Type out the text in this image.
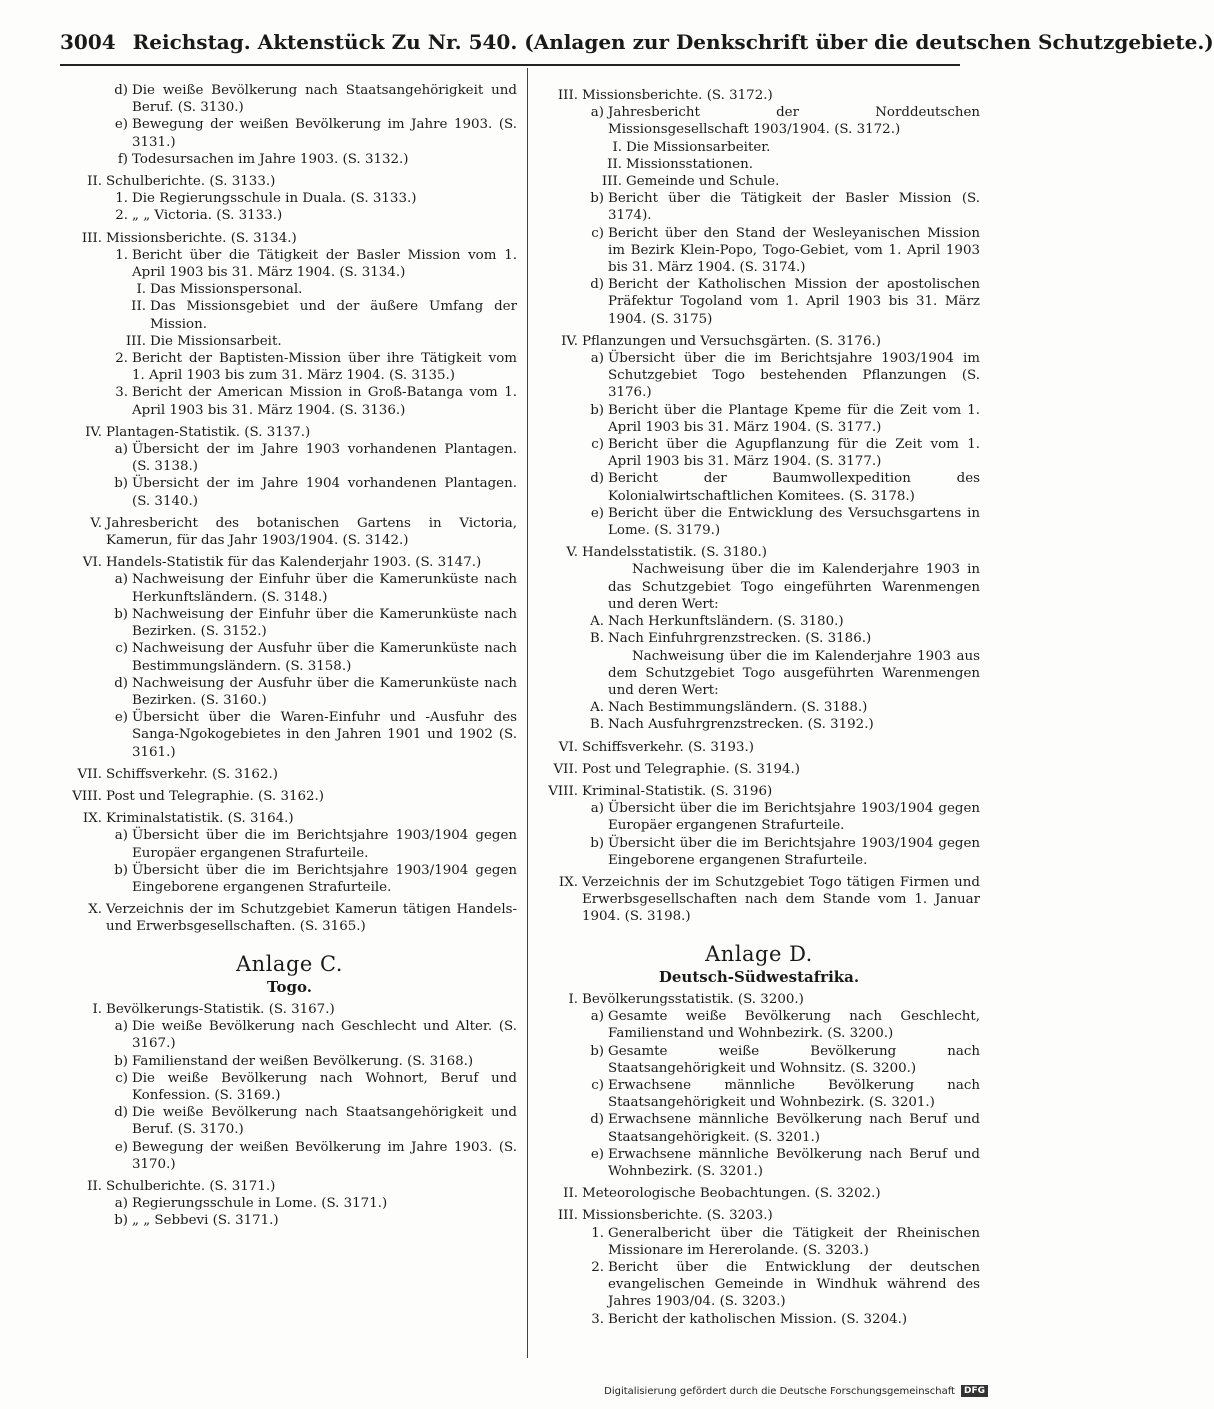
3004 Reichstag. Aktenstück Zu Nr. 540. (Anlagen zur Denkschrift über die deutschen Schutzgebiete.)
d) Die weiße Bevölkerung nach Staatsangehörigkeit und Beruf. (S. 3130.)
e) Bewegung der weißen Bevölkerung im Jahre 1903. (S. 3131.)
f) Todesursachen im Jahre 1903. (S. 3132.)
II. Schulberichte. (S. 3133.)
1. Die Regierungsschule in Duala. (S. 3133.)
2. „ „ Victoria. (S. 3133.)
III. Missionsberichte. (S. 3134.)
1. Bericht über die Tätigkeit der Basler Mission vom 1. April 1903 bis 31. März 1904. (S. 3134.)
I. Das Missionspersonal.
II. Das Missionsgebiet und der äußere Umfang der Mission.
III. Die Missionsarbeit.
2. Bericht der Baptisten-Mission über ihre Tätigkeit vom 1. April 1903 bis zum 31. März 1904. (S. 3135.)
3. Bericht der American Mission in Groß-Batanga vom 1. April 1903 bis 31. März 1904. (S. 3136.)
IV. Plantagen-Statistik. (S. 3137.)
a) Übersicht der im Jahre 1903 vorhandenen Plantagen. (S. 3138.)
b) Übersicht der im Jahre 1904 vorhandenen Plantagen. (S. 3140.)
V. Jahresbericht des botanischen Gartens in Victoria, Kamerun, für das Jahr 1903/1904. (S. 3142.)
VI. Handels-Statistik für das Kalenderjahr 1903. (S. 3147.)
a) Nachweisung der Einfuhr über die Kamerunküste nach Herkunftsländern. (S. 3148.)
b) Nachweisung der Einfuhr über die Kamerunküste nach Bezirken. (S. 3152.)
c) Nachweisung der Ausfuhr über die Kamerunküste nach Bestimmungsländern. (S. 3158.)
d) Nachweisung der Ausfuhr über die Kamerunküste nach Bezirken. (S. 3160.)
e) Übersicht über die Waren-Einfuhr und -Ausfuhr des Sanga-Ngokogebietes in den Jahren 1901 und 1902 (S. 3161.)
VII. Schiffsverkehr. (S. 3162.)
VIII. Post und Telegraphie. (S. 3162.)
IX. Kriminalstatistik. (S. 3164.)
a) Übersicht über die im Berichtsjahre 1903/1904 gegen Europäer ergangenen Strafurteile.
b) Übersicht über die im Berichtsjahre 1903/1904 gegen Eingeborene ergangenen Strafurteile.
X. Verzeichnis der im Schutzgebiet Kamerun tätigen Handels- und Erwerbsgesellschaften. (S. 3165.)
Anlage C.
Togo.
I. Bevölkerungs-Statistik. (S. 3167.)
a) Die weiße Bevölkerung nach Geschlecht und Alter. (S. 3167.)
b) Familienstand der weißen Bevölkerung. (S. 3168.)
c) Die weiße Bevölkerung nach Wohnort, Beruf und Konfession. (S. 3169.)
d) Die weiße Bevölkerung nach Staatsangehörigkeit und Beruf. (S. 3170.)
e) Bewegung der weißen Bevölkerung im Jahre 1903. (S. 3170.)
II. Schulberichte. (S. 3171.)
a) Regierungsschule in Lome. (S. 3171.)
b) „ „ Sebbevi (S. 3171.)
III. Missionsberichte. (S. 3172.)
a) Jahresbericht der Norddeutschen Missionsgesellschaft 1903/1904. (S. 3172.)
I. Die Missionsarbeiter.
II. Missionsstationen.
III. Gemeinde und Schule.
b) Bericht über die Tätigkeit der Basler Mission (S. 3174).
c) Bericht über den Stand der Wesleyanischen Mission im Bezirk Klein-Popo, Togo-Gebiet, vom 1. April 1903 bis 31. März 1904. (S. 3174.)
d) Bericht der Katholischen Mission der apostolischen Präfektur Togoland vom 1. April 1903 bis 31. März 1904. (S. 3175)
IV. Pflanzungen und Versuchsgärten. (S. 3176.)
a) Übersicht über die im Berichtsjahre 1903/1904 im Schutzgebiet Togo bestehenden Pflanzungen (S. 3176.)
b) Bericht über die Plantage Kpeme für die Zeit vom 1. April 1903 bis 31. März 1904. (S. 3177.)
c) Bericht über die Agupflanzung für die Zeit vom 1. April 1903 bis 31. März 1904. (S. 3177.)
d) Bericht der Baumwollexpedition des Kolonialwirtschaftlichen Komitees. (S. 3178.)
e) Bericht über die Entwicklung des Versuchsgartens in Lome. (S. 3179.)
V. Handelsstatistik. (S. 3180.)
Nachweisung über die im Kalenderjahre 1903 in das Schutzgebiet Togo eingeführten Warenmengen und deren Wert:
A. Nach Herkunftsländern. (S. 3180.)
B. Nach Einfuhrgrenzstrecken. (S. 3186.)
Nachweisung über die im Kalenderjahre 1903 aus dem Schutzgebiet Togo ausgeführten Warenmengen und deren Wert:
A. Nach Bestimmungsländern. (S. 3188.)
B. Nach Ausfuhrgrenzstrecken. (S. 3192.)
VI. Schiffsverkehr. (S. 3193.)
VII. Post und Telegraphie. (S. 3194.)
VIII. Kriminal-Statistik. (S. 3196)
a) Übersicht über die im Berichtsjahre 1903/1904 gegen Europäer ergangenen Strafurteile.
b) Übersicht über die im Berichtsjahre 1903/1904 gegen Eingeborene ergangenen Strafurteile.
IX. Verzeichnis der im Schutzgebiet Togo tätigen Firmen und Erwerbsgesellschaften nach dem Stande vom 1. Januar 1904. (S. 3198.)
Anlage D.
Deutsch-Südwestafrika.
I. Bevölkerungsstatistik. (S. 3200.)
a) Gesamte weiße Bevölkerung nach Geschlecht, Familienstand und Wohnbezirk. (S. 3200.)
b) Gesamte weiße Bevölkerung nach Staatsangehörigkeit und Wohnsitz. (S. 3200.)
c) Erwachsene männliche Bevölkerung nach Staatsangehörigkeit und Wohnbezirk. (S. 3201.)
d) Erwachsene männliche Bevölkerung nach Beruf und Staatsangehörigkeit. (S. 3201.)
e) Erwachsene männliche Bevölkerung nach Beruf und Wohnbezirk. (S. 3201.)
II. Meteorologische Beobachtungen. (S. 3202.)
III. Missionsberichte. (S. 3203.)
1. Generalbericht über die Tätigkeit der Rheinischen Missionare im Hererolande. (S. 3203.)
2. Bericht über die Entwicklung der deutschen evangelischen Gemeinde in Windhuk während des Jahres 1903/04. (S. 3203.)
3. Bericht der katholischen Mission. (S. 3204.)
Digitalisierung gefördert durch die Deutsche Forschungsgemeinschaft	DFG
